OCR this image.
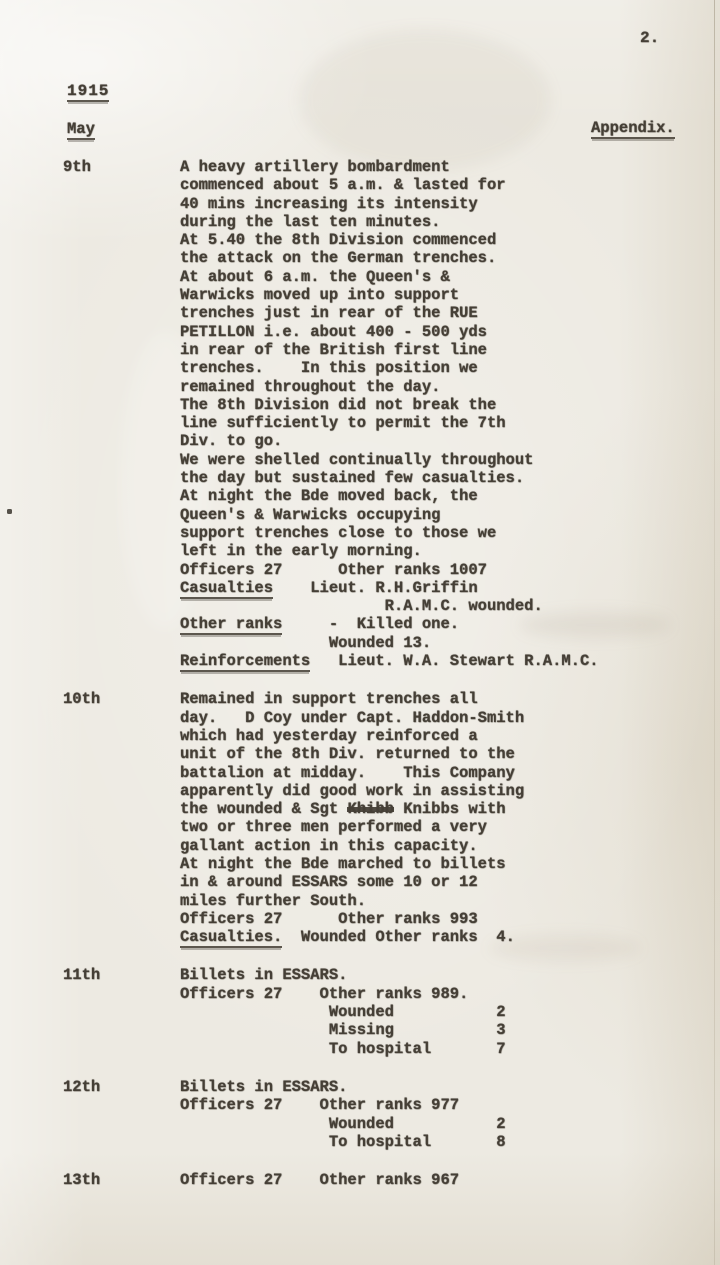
2.
1915
May	Appendix.
9th	A heavy artillery bombardment
commenced about 5 a.m. & lasted for
40 mins increasing its intensity
during the last ten minutes.
At 5.40 the 8th Division commenced
the attack on the German trenches.
At about 6 a.m. the Queen's &
Warwicks moved up into support
trenches just in rear of the RUE
PETILLON i.e. about 400 - 500 yds
in rear of the British first line
trenches.    In this position we
remained throughout the day.
The 8th Division did not break the
line sufficiently to permit the 7th
Div. to go.
We were shelled continually throughout
the day but sustained few casualties.
At night the Bde moved back, the
Queen's & Warwicks occupying
support trenches close to those we
left in the early morning.
Officers 27      Other ranks 1007
Casualties    Lieut. R.H.Griffin
R.A.M.C. wounded.
Other ranks     -  Killed one.
Wounded 13.
Reinforcements   Lieut. W.A. Stewart R.A.M.C.
10th	Remained in support trenches all
day.   D Coy under Capt. Haddon-Smith
which had yesterday reinforced a
unit of the 8th Div. returned to the
battalion at midday.    This Company
apparently did good work in assisting
the wounded & Sgt Khibb Knibbs with
two or three men performed a very
gallant action in this capacity.
At night the Bde marched to billets
in & around ESSARS some 10 or 12
miles further South.
Officers 27      Other ranks 993
Casualties.  Wounded Other ranks  4.
11th	Billets in ESSARS.
Officers 27    Other ranks 989.
Wounded           2
Missing           3
To hospital       7
12th	Billets in ESSARS.
Officers 27    Other ranks 977
Wounded           2
To hospital       8
13th	Officers 27    Other ranks 967
